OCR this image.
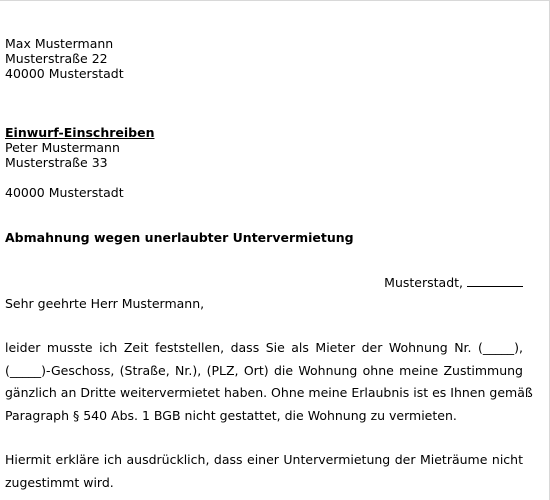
Max Mustermann
Musterstraße 22
40000 Musterstadt
Einwurf-Einschreiben
Peter Mustermann
Musterstraße 33
40000 Musterstadt
Abmahnung wegen unerlaubter Untervermietung
Musterstadt,
Sehr geehrte Herr Mustermann,
leider musste ich Zeit feststellen, dass Sie als Mieter der Wohnung Nr. (_____),
(_____)-Geschoss, (Straße, Nr.), (PLZ, Ort) die Wohnung ohne meine Zustimmung
gänzlich an Dritte weitervermietet haben. Ohne meine Erlaubnis ist es Ihnen gemäß
Paragraph § 540 Abs. 1 BGB nicht gestattet, die Wohnung zu vermieten.
Hiermit erkläre ich ausdrücklich, dass einer Untervermietung der Mieträume nicht
zugestimmt wird.
